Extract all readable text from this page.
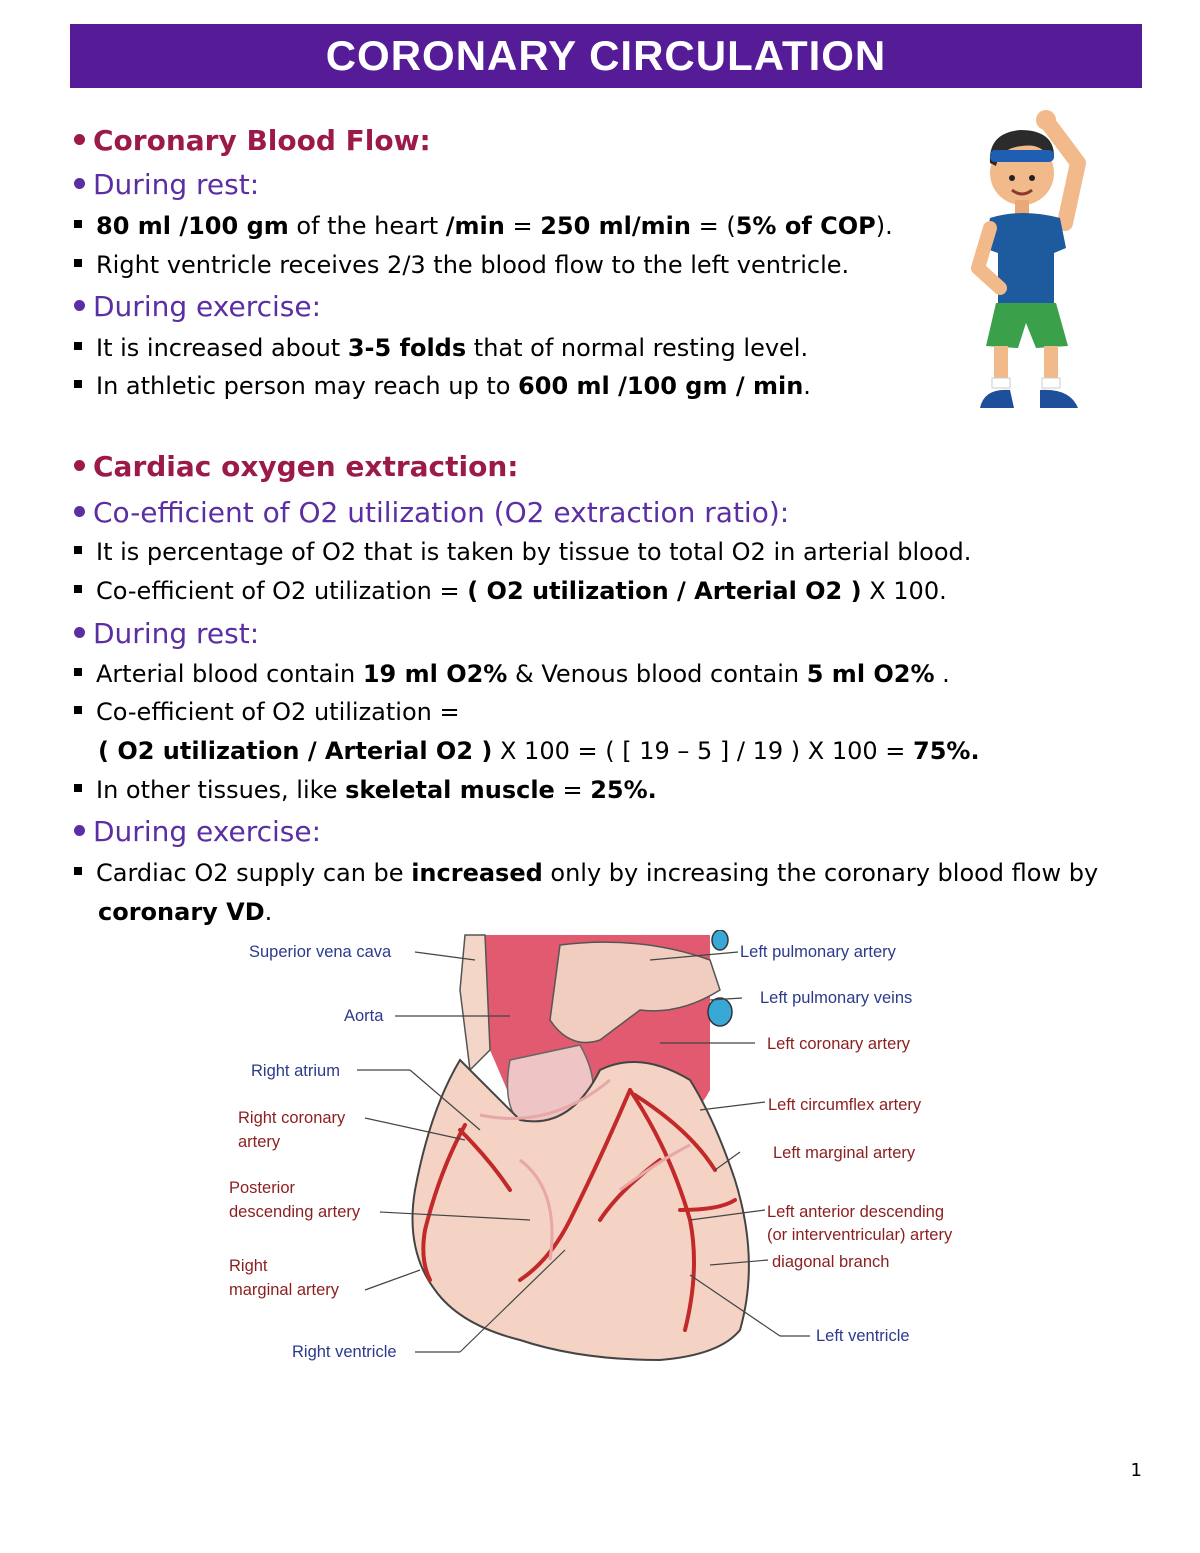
CORONARY CIRCULATION
Coronary Blood Flow:
During rest:
80 ml /100 gm of the heart /min = 250 ml/min = (5% of COP).
Right ventricle receives 2/3 the blood flow to the left ventricle.
During exercise:
It is increased about 3-5 folds that of normal resting level.
In athletic person may reach up to 600 ml /100 gm / min.
Cardiac oxygen extraction:
Co-efficient of O2 utilization (O2 extraction ratio):
It is percentage of O2 that is taken by tissue to total O2 in arterial blood.
Co-efficient of O2 utilization = ( O2 utilization / Arterial O2 ) X 100.
During rest:
Arterial blood contain 19 ml O2% & Venous blood contain 5 ml O2% .
Co-efficient of O2 utilization =
( O2 utilization / Arterial O2 ) X 100 = ( [ 19 – 5 ] / 19 ) X 100 = 75%.
In other tissues, like skeletal muscle = 25%.
During exercise:
Cardiac O2 supply can be increased only by increasing the coronary blood flow by
coronary VD.
Superior vena cava
Aorta
Right atrium
Right coronary
artery
Posterior
descending artery
Right
marginal artery
Right ventricle
Left pulmonary artery
Left pulmonary veins
Left coronary artery
Left circumflex artery
Left marginal artery
Left anterior descending
(or interventricular) artery
diagonal branch
Left ventricle
1
